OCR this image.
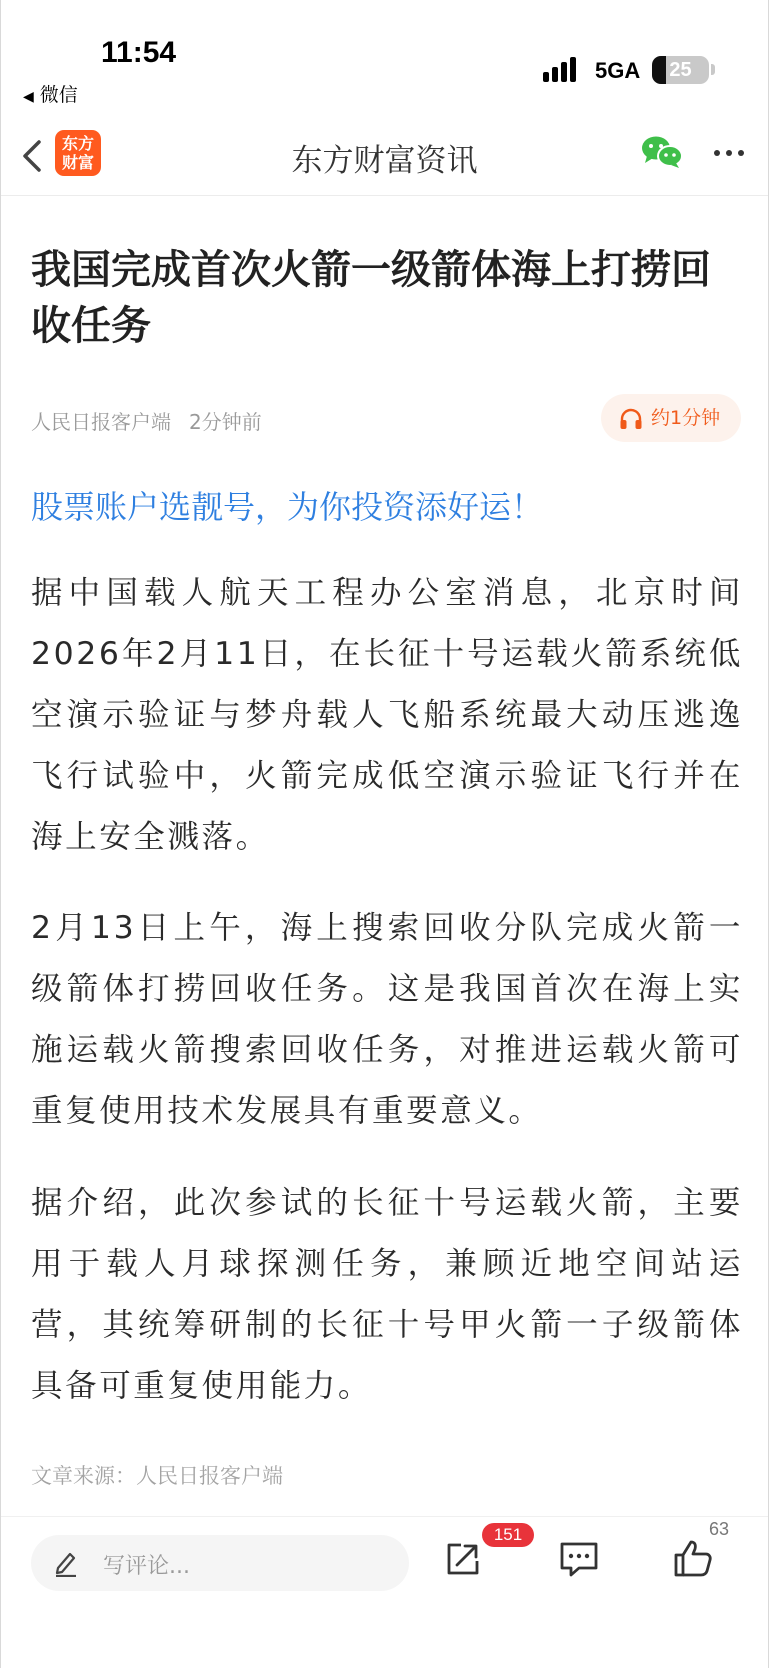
11:54
◀ 微信
5GA	25
东方财富	东方财富资讯
我国完成首次火箭一级箭体海上打捞回收任务
人民日报客户端 2分钟前	约1分钟
股票账户选靓号，为你投资添好运！

据中国载人航天工程办公室消息，北京时间2026年2月11日，在长征十号运载火箭系统低空演示验证与梦舟载人飞船系统最大动压逃逸飞行试验中，火箭完成低空演示验证飞行并在海上安全溅落。

2月13日上午，海上搜索回收分队完成火箭一级箭体打捞回收任务。这是我国首次在海上实施运载火箭搜索回收任务，对推进运载火箭可重复使用技术发展具有重要意义。

据介绍，此次参试的长征十号运载火箭，主要用于载人月球探测任务，兼顾近地空间站运营，其统筹研制的长征十号甲火箭一子级箭体具备可重复使用能力。

文章来源：人民日报客户端
写评论...
151	63
